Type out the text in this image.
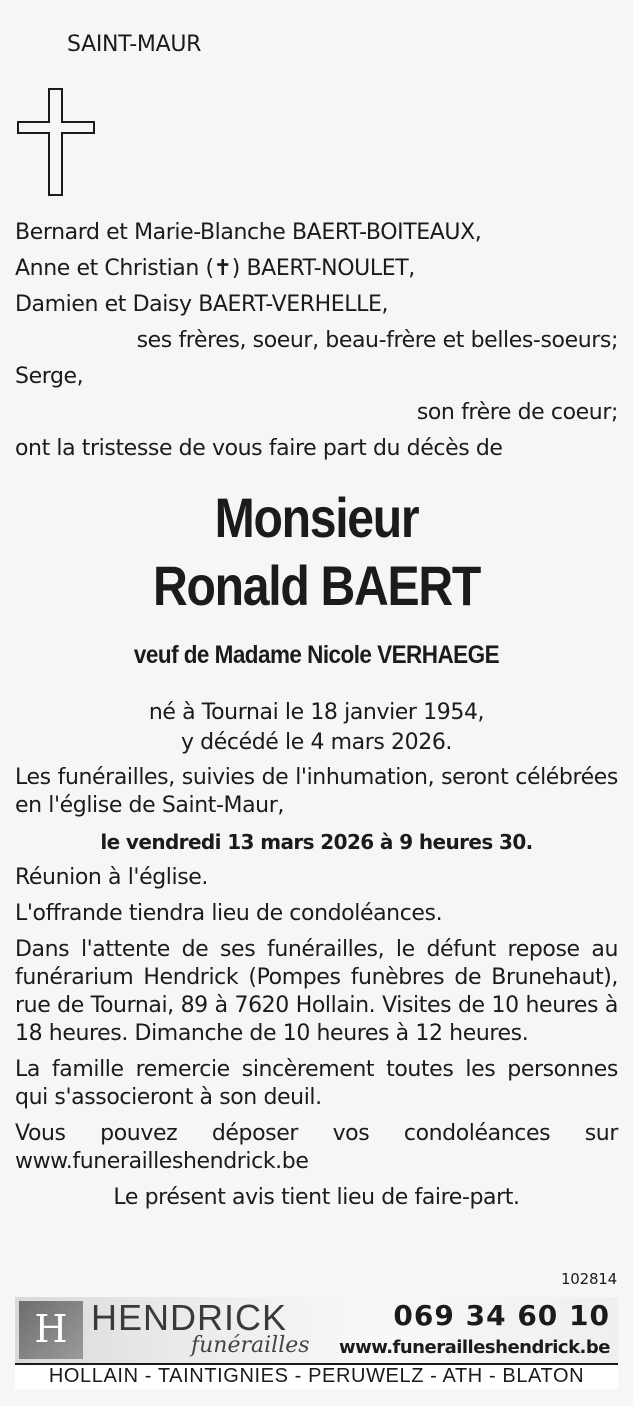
SAINT-MAUR
Bernard et Marie-Blanche BAERT-BOITEAUX,
Anne et Christian (✝) BAERT-NOULET,
Damien et Daisy BAERT-VERHELLE,
ses frères, soeur, beau-frère et belles-soeurs;
Serge,
son frère de coeur;
ont la tristesse de vous faire part du décès de
Monsieur
Ronald BAERT
veuf de Madame Nicole VERHAEGE
né à Tournai le 18 janvier 1954,
y décédé le 4 mars 2026.

Les funérailles, suivies de l'inhumation, seront célébrées en l'église de Saint-Maur,

le vendredi 13 mars 2026 à 9 heures 30.

Réunion à l'église.

L'offrande tiendra lieu de condoléances.

Dans l'attente de ses funérailles, le défunt repose au funérarium Hendrick (Pompes funèbres de Brunehaut), rue de Tournai, 89 à 7620 Hollain. Visites de 10 heures à 18 heures. Dimanche de 10 heures à 12 heures.

La famille remercie sincèrement toutes les personnes qui s'associeront à son deuil.

Vous pouvez déposer vos condoléances sur www.funerailleshendrick.be

Le présent avis tient lieu de faire-part.

102814
H HENDRICK
funérailles
069 34 60 10
www.funerailleshendrick.be
HOLLAIN - TAINTIGNIES - PERUWELZ - ATH - BLATON
